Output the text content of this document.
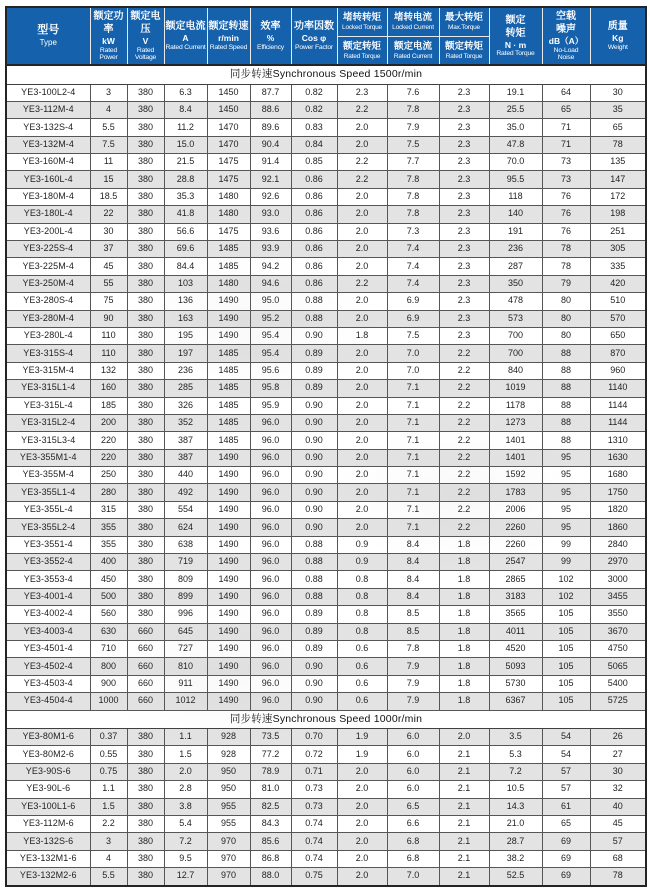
型号
Type

额定功率
kW
Rated Power

额定电压
V
Rated Voltage

额定电流
A
Rated Current

额定转速
r/min
Rated Speed

效率
%
Efficiency

功率因数
Cos φ
Power Factor

堵转转矩
Locked Torque
额定转矩
Rated Torque

堵转电流
Locked Current
额定电流
Rated Current

最大转矩
Max.Torque
额定转矩
Rated Torque

额定
转矩
N · m
Rated Torque

空载
噪声
dB（A）
No-Load
Noise

质量
Kg
Weight

同步转速Synchronous Speed 1500r/min												
YE3-100L2-4	3	380	6.3	1450	87.7	0.82	2.3	7.6	2.3	19.1	64	30
YE3-112M-4	4	380	8.4	1450	88.6	0.82	2.2	7.8	2.3	25.5	65	35
YE3-132S-4	5.5	380	11.2	1470	89.6	0.83	2.0	7.9	2.3	35.0	71	65
YE3-132M-4	7.5	380	15.0	1470	90.4	0.84	2.0	7.5	2.3	47.8	71	78
YE3-160M-4	11	380	21.5	1475	91.4	0.85	2.2	7.7	2.3	70.0	73	135
YE3-160L-4	15	380	28.8	1475	92.1	0.86	2.2	7.8	2.3	95.5	73	147
YE3-180M-4	18.5	380	35.3	1480	92.6	0.86	2.0	7.8	2.3	118	76	172
YE3-180L-4	22	380	41.8	1480	93.0	0.86	2.0	7.8	2.3	140	76	198
YE3-200L-4	30	380	56.6	1475	93.6	0.86	2.0	7.3	2.3	191	76	251
YE3-225S-4	37	380	69.6	1485	93.9	0.86	2.0	7.4	2.3	236	78	305
YE3-225M-4	45	380	84.4	1485	94.2	0.86	2.0	7.4	2.3	287	78	335
YE3-250M-4	55	380	103	1480	94.6	0.86	2.2	7.4	2.3	350	79	420
YE3-280S-4	75	380	136	1490	95.0	0.88	2.0	6.9	2.3	478	80	510
YE3-280M-4	90	380	163	1490	95.2	0.88	2.0	6.9	2.3	573	80	570
YE3-280L-4	110	380	195	1490	95.4	0.90	1.8	7.5	2.3	700	80	650
YE3-315S-4	110	380	197	1485	95.4	0.89	2.0	7.0	2.2	700	88	870
YE3-315M-4	132	380	236	1485	95.6	0.89	2.0	7.0	2.2	840	88	960
YE3-315L1-4	160	380	285	1485	95.8	0.89	2.0	7.1	2.2	1019	88	1140
YE3-315L-4	185	380	326	1485	95.9	0.90	2.0	7.1	2.2	1178	88	1144
YE3-315L2-4	200	380	352	1485	96.0	0.90	2.0	7.1	2.2	1273	88	1144
YE3-315L3-4	220	380	387	1485	96.0	0.90	2.0	7.1	2.2	1401	88	1310
YE3-355M1-4	220	380	387	1490	96.0	0.90	2.0	7.1	2.2	1401	95	1630
YE3-355M-4	250	380	440	1490	96.0	0.90	2.0	7.1	2.2	1592	95	1680
YE3-355L1-4	280	380	492	1490	96.0	0.90	2.0	7.1	2.2	1783	95	1750
YE3-355L-4	315	380	554	1490	96.0	0.90	2.0	7.1	2.2	2006	95	1820
YE3-355L2-4	355	380	624	1490	96.0	0.90	2.0	7.1	2.2	2260	95	1860
YE3-3551-4	355	380	638	1490	96.0	0.88	0.9	8.4	1.8	2260	99	2840
YE3-3552-4	400	380	719	1490	96.0	0.88	0.9	8.4	1.8	2547	99	2970
YE3-3553-4	450	380	809	1490	96.0	0.88	0.8	8.4	1.8	2865	102	3000
YE3-4001-4	500	380	899	1490	96.0	0.88	0.8	8.4	1.8	3183	102	3455
YE3-4002-4	560	380	996	1490	96.0	0.89	0.8	8.5	1.8	3565	105	3550
YE3-4003-4	630	660	645	1490	96.0	0.89	0.8	8.5	1.8	4011	105	3670
YE3-4501-4	710	660	727	1490	96.0	0.89	0.6	7.8	1.8	4520	105	4750
YE3-4502-4	800	660	810	1490	96.0	0.90	0.6	7.9	1.8	5093	105	5065
YE3-4503-4	900	660	911	1490	96.0	0.90	0.6	7.9	1.8	5730	105	5400
YE3-4504-4	1000	660	1012	1490	96.0	0.90	0.6	7.9	1.8	6367	105	5725
同步转速Synchronous Speed 1000r/min												
YE3-80M1-6	0.37	380	1.1	928	73.5	0.70	1.9	6.0	2.0	3.5	54	26
YE3-80M2-6	0.55	380	1.5	928	77.2	0.72	1.9	6.0	2.1	5.3	54	27
YE3-90S-6	0.75	380	2.0	950	78.9	0.71	2.0	6.0	2.1	7.2	57	30
YE3-90L-6	1.1	380	2.8	950	81.0	0.73	2.0	6.0	2.1	10.5	57	32
YE3-100L1-6	1.5	380	3.8	955	82.5	0.73	2.0	6.5	2.1	14.3	61	40
YE3-112M-6	2.2	380	5.4	955	84.3	0.74	2.0	6.6	2.1	21.0	65	45
YE3-132S-6	3	380	7.2	970	85.6	0.74	2.0	6.8	2.1	28.7	69	57
YE3-132M1-6	4	380	9.5	970	86.8	0.74	2.0	6.8	2.1	38.2	69	68
YE3-132M2-6	5.5	380	12.7	970	88.0	0.75	2.0	7.0	2.1	52.5	69	78
